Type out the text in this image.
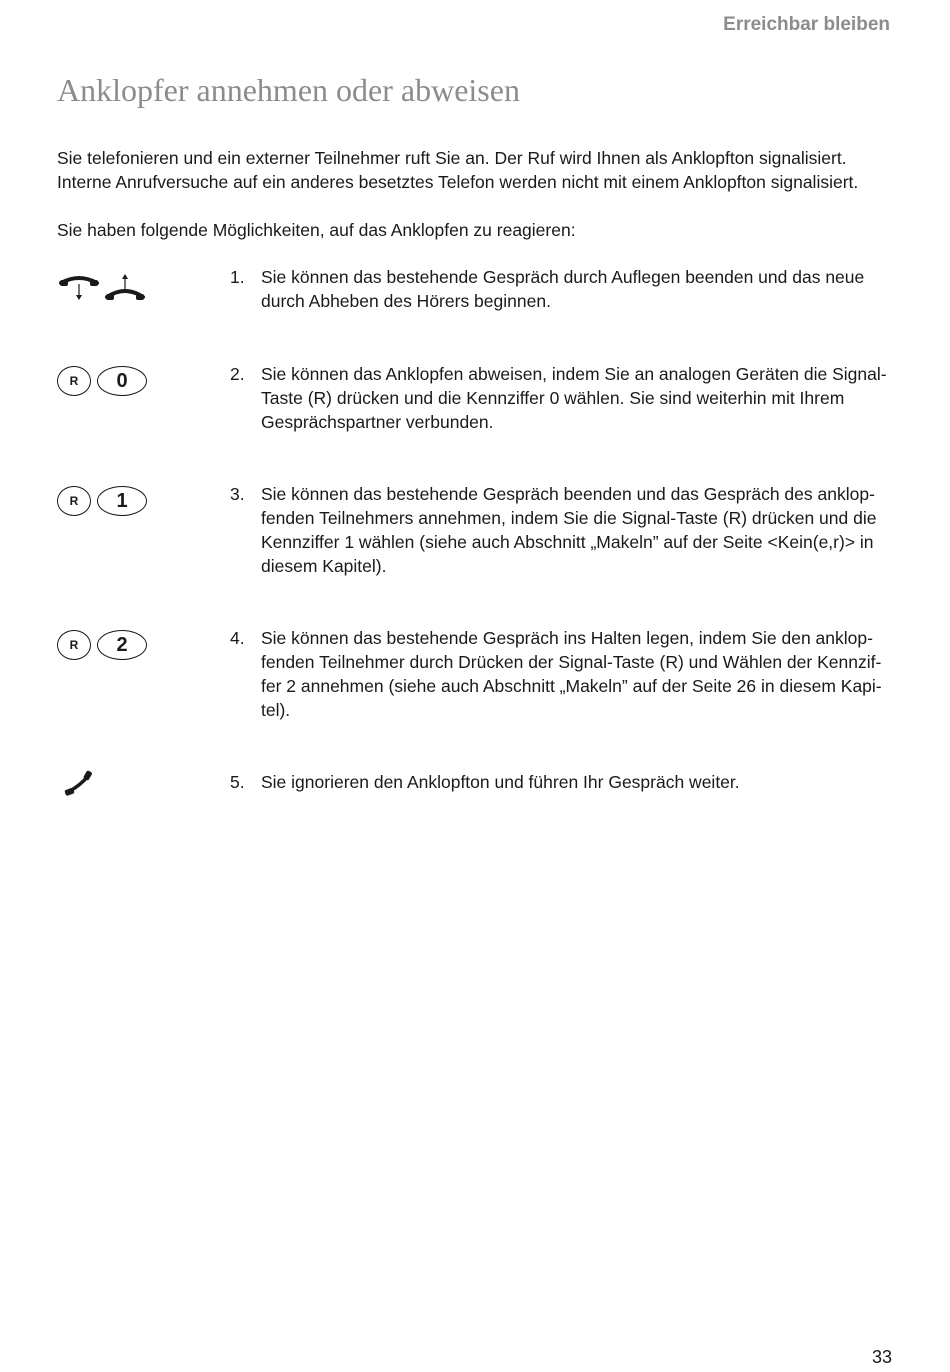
Erreichbar bleiben
Anklopfer annehmen oder abweisen
Sie telefonieren und ein externer Teilnehmer ruft Sie an. Der Ruf wird Ihnen als Anklopfton signalisiert.
Interne Anrufversuche auf ein anderes besetztes Telefon werden nicht mit einem Anklopfton signalisiert.
Sie haben folgende Möglichkeiten, auf das Anklopfen zu reagieren:
1. Sie können das bestehende Gespräch durch Auflegen beenden und das neue
durch Abheben des Hörers beginnen.
R 0	2. Sie können das Anklopfen abweisen, indem Sie an analogen Geräten die Signal-
Taste (R) drücken und die Kennziffer 0 wählen. Sie sind weiterhin mit Ihrem
Gesprächspartner verbunden.
R 1	3. Sie können das bestehende Gespräch beenden und das Gespräch des anklop-
fenden Teilnehmers annehmen, indem Sie die Signal-Taste (R) drücken und die
Kennziffer 1 wählen (siehe auch Abschnitt „Makeln” auf der Seite <Kein(e,r)> in
diesem Kapitel).
R 2	4. Sie können das bestehende Gespräch ins Halten legen, indem Sie den anklop-
fenden Teilnehmer durch Drücken der Signal-Taste (R) und Wählen der Kennzif-
fer 2 annehmen (siehe auch Abschnitt „Makeln” auf der Seite 26 in diesem Kapi-
tel).
5. Sie ignorieren den Anklopfton und führen Ihr Gespräch weiter.
33
